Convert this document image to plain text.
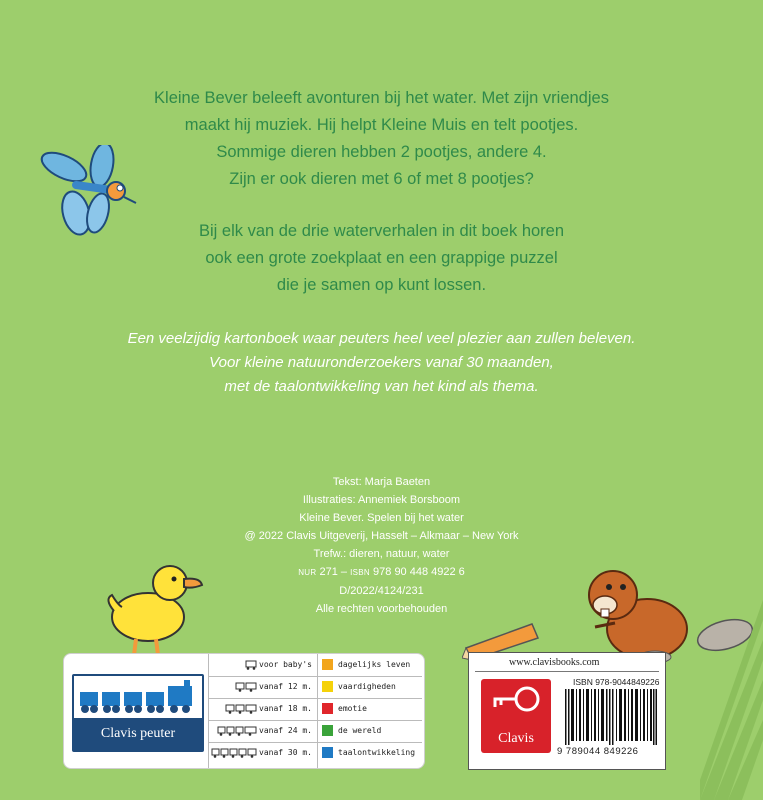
Kleine Bever beleeft avonturen bij het water. Met zijn vriendjes
maakt hij muziek. Hij helpt Kleine Muis en telt pootjes.
Sommige dieren hebben 2 pootjes, andere 4.
Zijn er ook dieren met 6 of met 8 pootjes?
Bij elk van de drie waterverhalen in dit boek horen
ook een grote zoekplaat en een grappige puzzel
die je samen op kunt lossen.
Een veelzijdig kartonboek waar peuters heel veel plezier aan zullen beleven.
Voor kleine natuuronderzoekers vanaf 30 maanden,
met de taalontwikkeling van het kind als thema.
Tekst: Marja Baeten
Illustraties: Annemiek Borsboom
Kleine Bever. Spelen bij het water
@ 2022 Clavis Uitgeverij, Hasselt – Alkmaar – New York
Trefw.: dieren, natuur, water
NUR 271 – ISBN 978 90 448 4922 6
D/2022/4124/231
Alle rechten voorbehouden
Clavis peuter
voor baby's
vanaf 12 m.
vanaf 18 m.
vanaf 24 m.
vanaf 30 m.
dagelijks leven
vaardigheden
emotie
de wereld
taalontwikkeling
www.clavisbooks.com
Clavis
ISBN 978-9044849226
9 789044 849226
